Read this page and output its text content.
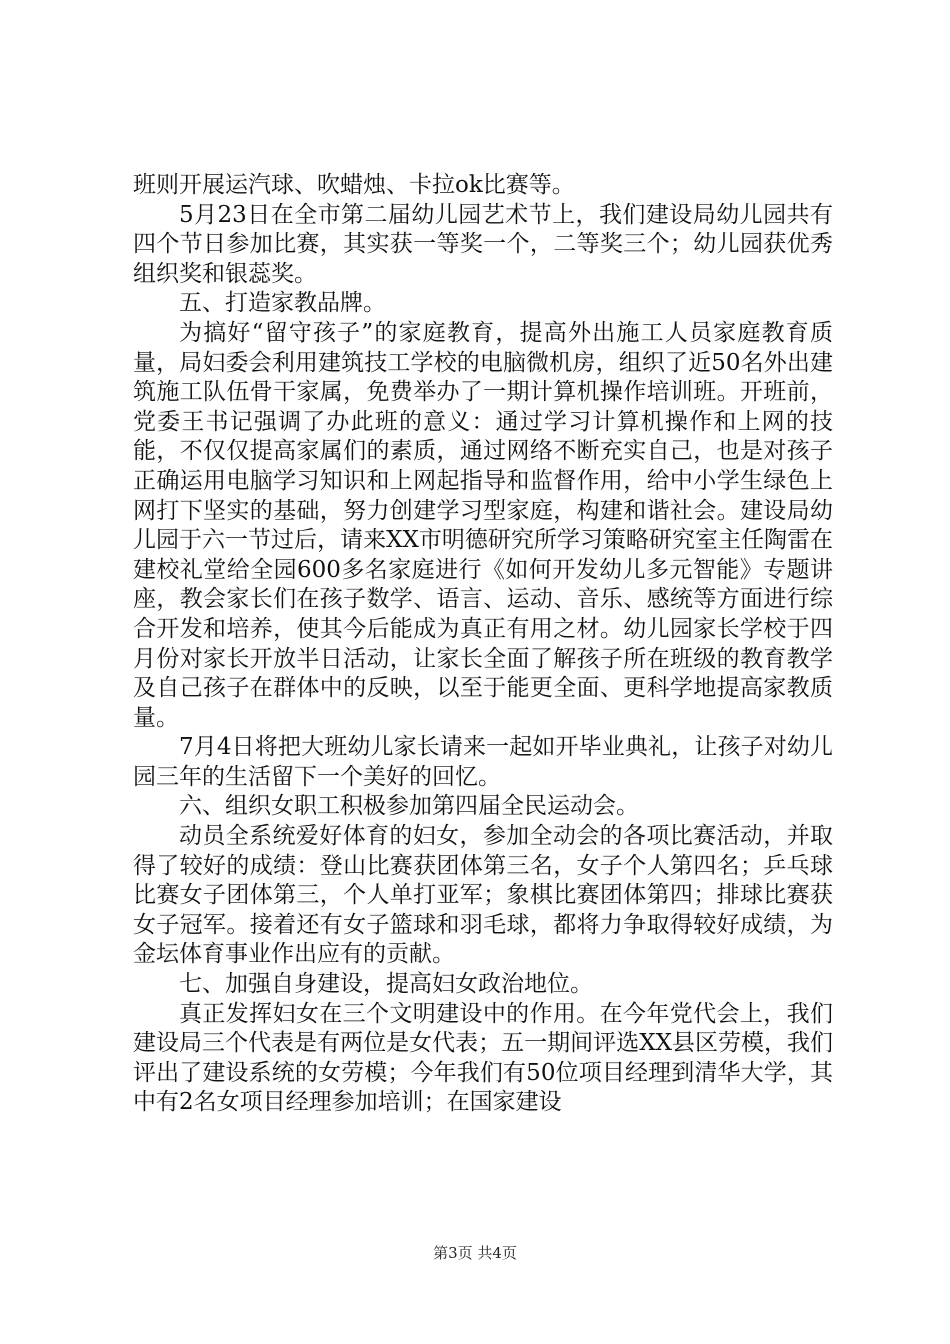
班则开展运汽球、吹蜡烛、卡拉ok比赛等。

5月23日在全市第二届幼儿园艺术节上，我们建设局幼儿园共有四个节日参加比赛，其实获一等奖一个，二等奖三个；幼儿园获优秀组织奖和银蕊奖。

五、打造家教品牌。

为搞好“留守孩子”的家庭教育，提高外出施工人员家庭教育质量，局妇委会利用建筑技工学校的电脑微机房，组织了近50名外出建筑施工队伍骨干家属，免费举办了一期计算机操作培训班。开班前，党委王书记强调了办此班的意义：通过学习计算机操作和上网的技能，不仅仅提高家属们的素质，通过网络不断充实自己，也是对孩子正确运用电脑学习知识和上网起指导和监督作用，给中小学生绿色上网打下坚实的基础，努力创建学习型家庭，构建和谐社会。建设局幼儿园于六一节过后，请来XX市明德研究所学习策略研究室主任陶雷在建校礼堂给全园600多名家庭进行《如何开发幼儿多元智能》专题讲座，教会家长们在孩子数学、语言、运动、音乐、感统等方面进行综合开发和培养，使其今后能成为真正有用之材。幼儿园家长学校于四月份对家长开放半日活动，让家长全面了解孩子所在班级的教育教学及自己孩子在群体中的反映，以至于能更全面、更科学地提高家教质量。

7月4日将把大班幼儿家长请来一起如开毕业典礼，让孩子对幼儿园三年的生活留下一个美好的回忆。

六、组织女职工积极参加第四届全民运动会。

动员全系统爱好体育的妇女，参加全动会的各项比赛活动，并取得了较好的成绩：登山比赛获团体第三名，女子个人第四名；乒乓球比赛女子团体第三，个人单打亚军；象棋比赛团体第四；排球比赛获女子冠军。接着还有女子篮球和羽毛球，都将力争取得较好成绩，为金坛体育事业作出应有的贡献。

七、加强自身建设，提高妇女政治地位。

真正发挥妇女在三个文明建设中的作用。在今年党代会上，我们建设局三个代表是有两位是女代表；五一期间评选XX县区劳模，我们评出了建设系统的女劳模；今年我们有50位项目经理到清华大学，其中有2名女项目经理参加培训；在国家建设

第3页 共4页
